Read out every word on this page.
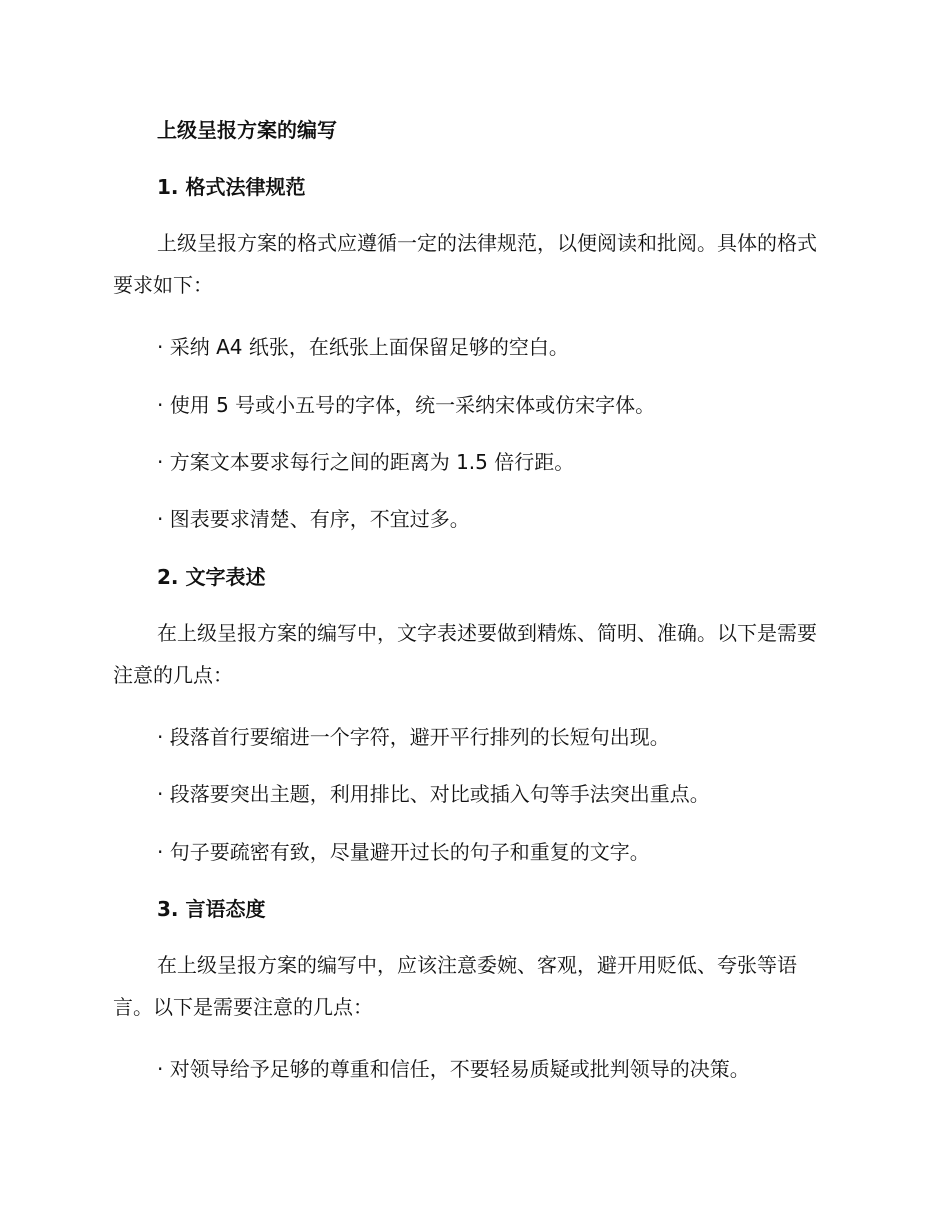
上级呈报方案的编写
1. 格式法律规范
上级呈报方案的格式应遵循一定的法律规范，以便阅读和批阅。具体的格式要求如下：
· 采纳 A4 纸张，在纸张上面保留足够的空白。
· 使用 5 号或小五号的字体，统一采纳宋体或仿宋字体。
· 方案文本要求每行之间的距离为 1.5 倍行距。
· 图表要求清楚、有序，不宜过多。
2. 文字表述
在上级呈报方案的编写中，文字表述要做到精炼、简明、准确。以下是需要注意的几点：
· 段落首行要缩进一个字符，避开平行排列的长短句出现。
· 段落要突出主题，利用排比、对比或插入句等手法突出重点。
· 句子要疏密有致，尽量避开过长的句子和重复的文字。
3. 言语态度
在上级呈报方案的编写中，应该注意委婉、客观，避开用贬低、夸张等语言。以下是需要注意的几点：
· 对领导给予足够的尊重和信任，不要轻易质疑或批判领导的决策。
